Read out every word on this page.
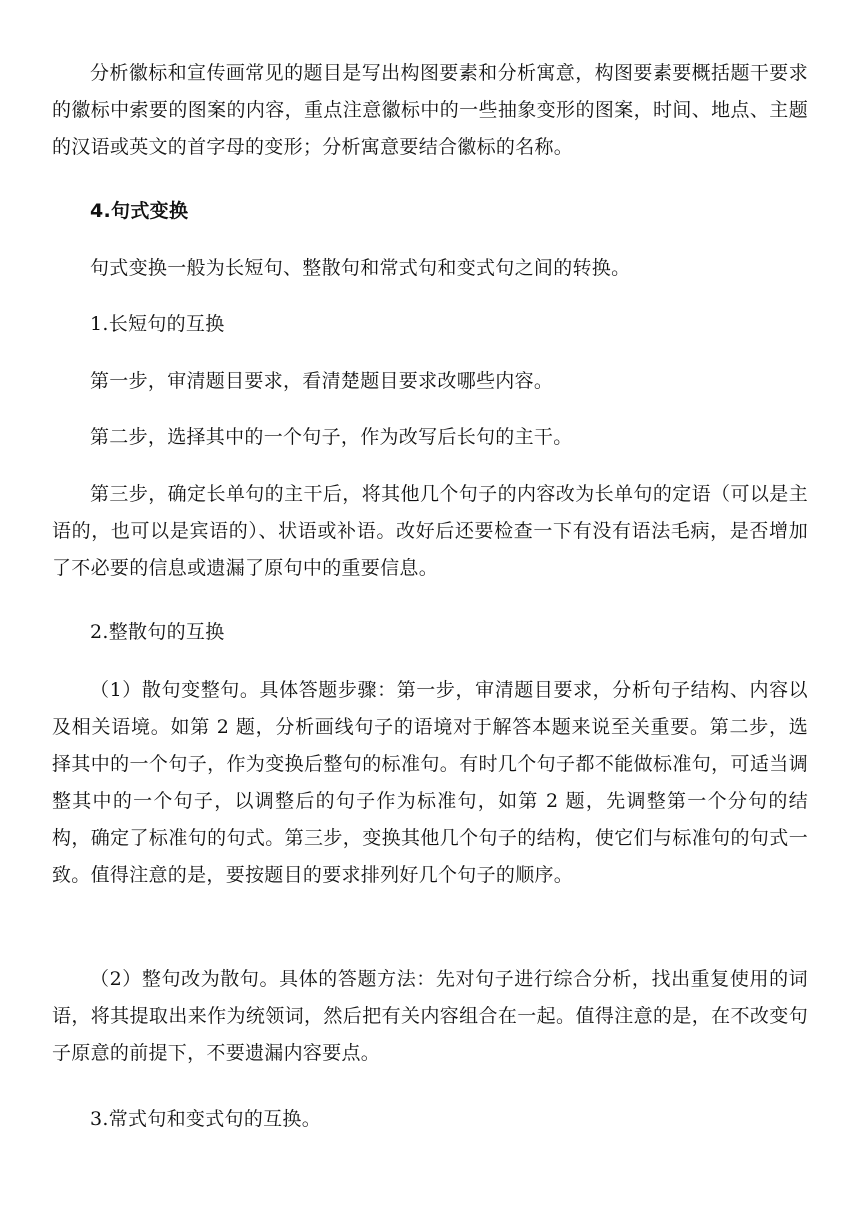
分析徽标和宣传画常见的题目是写出构图要素和分析寓意，构图要素要概括题干要求的徽标中索要的图案的内容，重点注意徽标中的一些抽象变形的图案，时间、地点、主题的汉语或英文的首字母的变形；分析寓意要结合徽标的名称。

4.句式变换

句式变换一般为长短句、整散句和常式句和变式句之间的转换。

1.长短句的互换

第一步，审清题目要求，看清楚题目要求改哪些内容。

第二步，选择其中的一个句子，作为改写后长句的主干。

第三步，确定长单句的主干后，将其他几个句子的内容改为长单句的定语（可以是主语的，也可以是宾语的）、状语或补语。改好后还要检查一下有没有语法毛病，是否增加了不必要的信息或遗漏了原句中的重要信息。

2.整散句的互换

（1）散句变整句。具体答题步骤：第一步，审清题目要求，分析句子结构、内容以及相关语境。如第 2 题，分析画线句子的语境对于解答本题来说至关重要。第二步，选择其中的一个句子，作为变换后整句的标准句。有时几个句子都不能做标准句，可适当调整其中的一个句子，以调整后的句子作为标准句，如第 2 题，先调整第一个分句的结构，确定了标准句的句式。第三步，变换其他几个句子的结构，使它们与标准句的句式一致。值得注意的是，要按题目的要求排列好几个句子的顺序。

（2）整句改为散句。具体的答题方法：先对句子进行综合分析，找出重复使用的词语，将其提取出来作为统领词，然后把有关内容组合在一起。值得注意的是，在不改变句子原意的前提下，不要遗漏内容要点。

3.常式句和变式句的互换。
